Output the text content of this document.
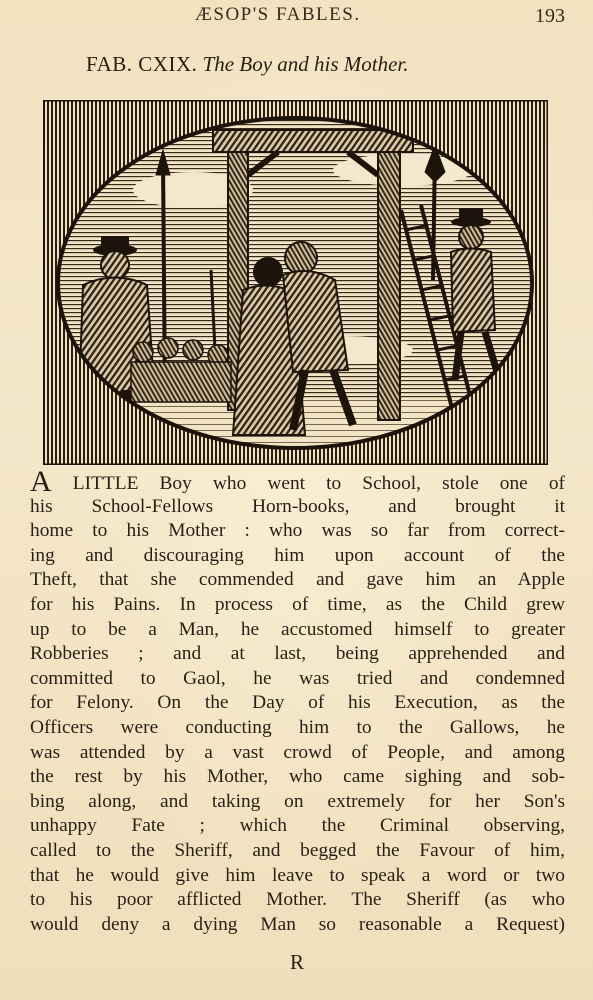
ÆSOP'S FABLES.	193
FAB. CXIX. The Boy and his Mother.
A LITTLE Boy who went to School, stole one of
his School-Fellows Horn-books, and brought it
home to his Mother : who was so far from correct-
ing and discouraging him upon account of the
Theft, that she commended and gave him an Apple
for his Pains. In process of time, as the Child grew
up to be a Man, he accustomed himself to greater
Robberies ; and at last, being apprehended and
committed to Gaol, he was tried and condemned
for Felony. On the Day of his Execution, as the
Officers were conducting him to the Gallows, he
was attended by a vast crowd of People, and among
the rest by his Mother, who came sighing and sob-
bing along, and taking on extremely for her Son's
unhappy Fate ; which the Criminal observing,
called to the Sheriff, and begged the Favour of him,
that he would give him leave to speak a word or two
to his poor afflicted Mother. The Sheriff (as who
would deny a dying Man so reasonable a Request)
R
